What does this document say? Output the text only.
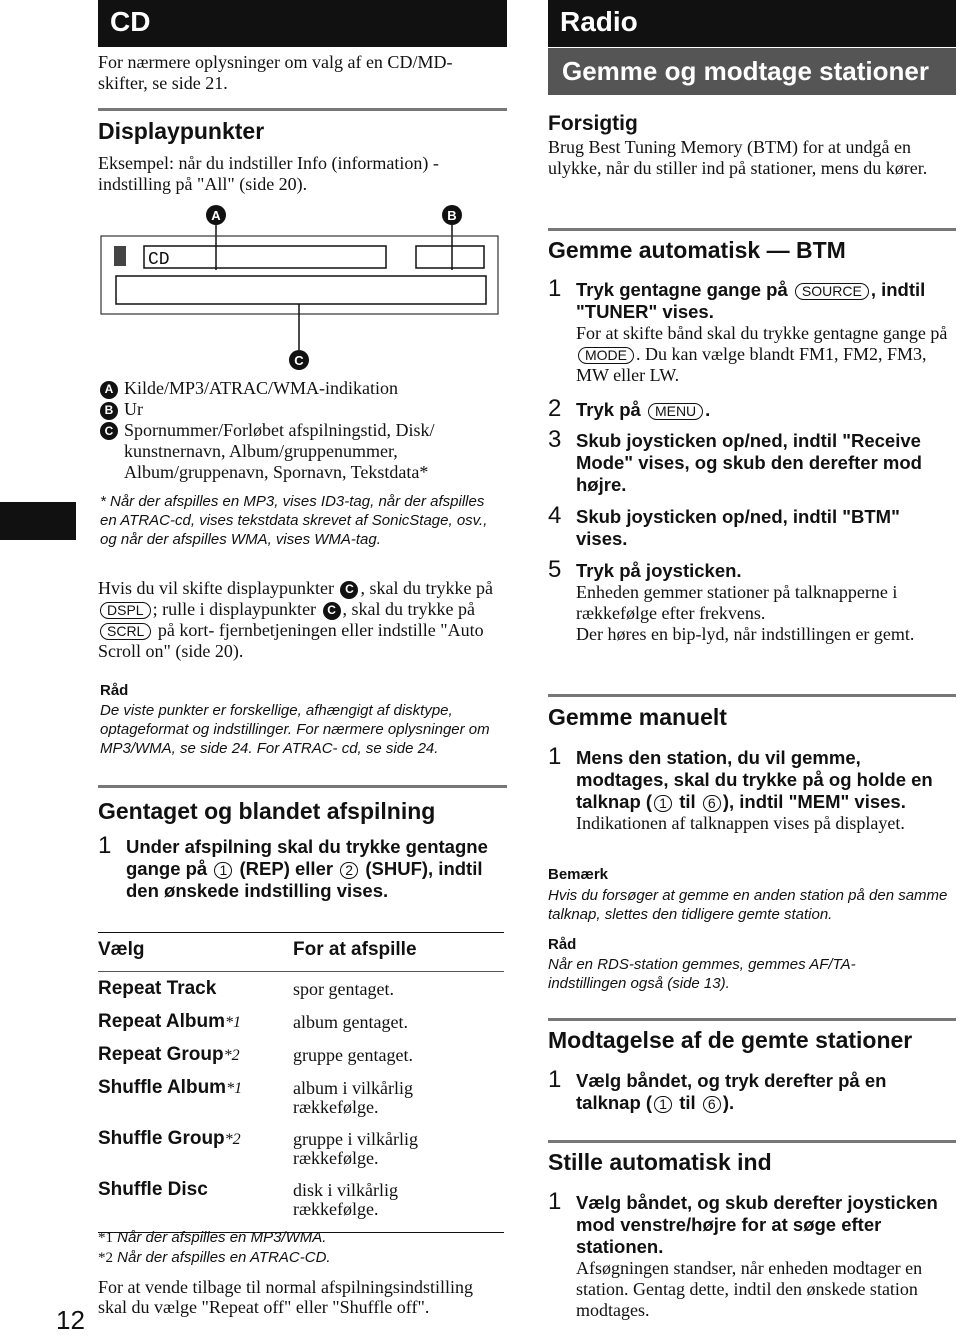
CD
For nærmere oplysninger om valg af en CD/MD-skifter, se side 21.
Displaypunkter
Eksempel: når du indstiller Info (information) - indstilling på "All" (side 20).
A	B
CD
C
A Kilde/MP3/ATRAC/WMA-indikation
B Ur
C Spornummer/Forløbet afspilningstid, Disk/ kunstnernavn, Album/gruppenummer, Album/gruppenavn, Spornavn, Tekstdata*
* Når der afspilles en MP3, vises ID3-tag, når der afspilles en ATRAC-cd, vises tekstdata skrevet af SonicStage, osv., og når der afspilles WMA, vises WMA-tag.
Hvis du vil skifte displaypunkter C , skal du trykke på DSPL ; rulle i displaypunkter C , skal du trykke på SCRL på kort- fjernbetjeningen eller indstille "Auto Scroll on" (side 20).
Råd
De viste punkter er forskellige, afhængigt af disktype, optageformat og indstillinger. For nærmere oplysninger om MP3/WMA, se side 24. For ATRAC- cd, se side 24.
Gentaget og blandet afspilning
1 Under afspilning skal du trykke gentagne gange på 1 (REP) eller 2 (SHUF), indtil den ønskede indstilling vises.
Vælg	For at afspille
Repeat Track	spor gentaget.
Repeat Album*1	album gentaget.
Repeat Group*2	gruppe gentaget.
Shuffle Album*1	album i vilkårlig rækkefølge.
Shuffle Group*2	gruppe i vilkårlig rækkefølge.
Shuffle Disc	disk i vilkårlig rækkefølge.
*1 Når der afspilles en MP3/WMA.
*2 Når der afspilles en ATRAC-CD.
For at vende tilbage til normal afspilningsindstilling skal du vælge "Repeat off" eller "Shuffle off".
12
Radio
Gemme og modtage stationer
Forsigtig
Brug Best Tuning Memory (BTM) for at undgå en ulykke, når du stiller ind på stationer, mens du kører.
Gemme automatisk — BTM
1 Tryk gentagne gange på SOURCE , indtil "TUNER" vises.
For at skifte bånd skal du trykke gentagne gange på MODE . Du kan vælge blandt FM1, FM2, FM3, MW eller LW.
2 Tryk på MENU .
3 Skub joysticken op/ned, indtil "Receive Mode" vises, og skub den derefter mod højre.
4 Skub joysticken op/ned, indtil "BTM" vises.
5 Tryk på joysticken.
Enheden gemmer stationer på talknapperne i rækkefølge efter frekvens.
Der høres en bip-lyd, når indstillingen er gemt.
Gemme manuelt
1 Mens den station, du vil gemme, modtages, skal du trykke på og holde en talknap ( 1 til 6 ), indtil "MEM" vises.
Indikationen af talknappen vises på displayet.
Bemærk
Hvis du forsøger at gemme en anden station på den samme talknap, slettes den tidligere gemte station.
Råd
Når en RDS-station gemmes, gemmes AF/TA- indstillingen også (side 13).
Modtagelse af de gemte stationer
1 Vælg båndet, og tryk derefter på en talknap ( 1 til 6 ).
Stille automatisk ind
1 Vælg båndet, og skub derefter joysticken mod venstre/højre for at søge efter stationen.
Afsøgningen standser, når enheden modtager en station. Gentag dette, indtil den ønskede station modtages.
